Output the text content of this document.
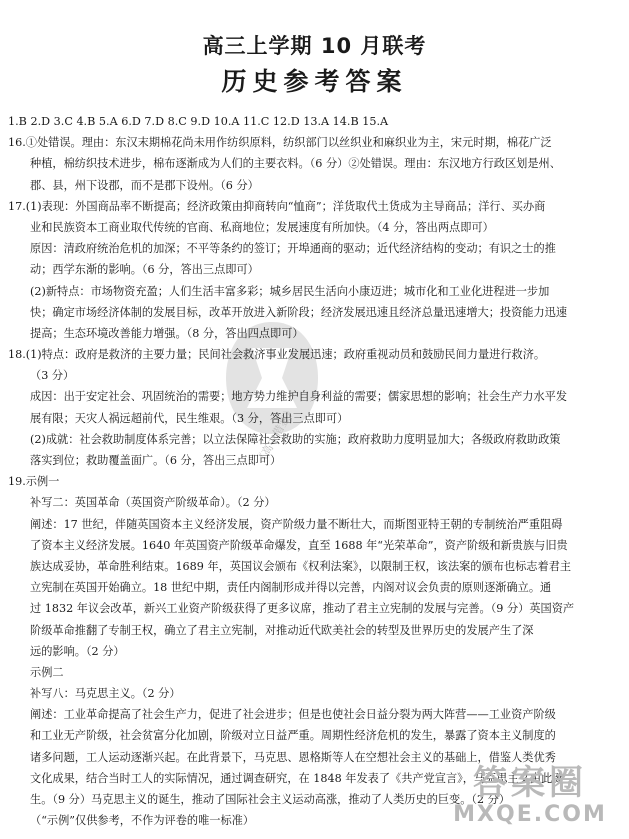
高三上学期 10 月联考
历史参考答案
《高中借鉴》
1.B 2.D 3.C 4.B 5.A 6.D 7.D 8.C 9.D 10.A 11.C 12.D 13.A 14.B 15.A
16.①处错误。理由：东汉末期棉花尚未用作纺织原料，纺织部门以丝织业和麻织业为主，宋元时期，棉花广泛
种植，棉纺织技术进步，棉布逐渐成为人们的主要衣料。（6 分）②处错误。理由：东汉地方行政区划是州、
郡、县，州下设郡，而不是郡下设州。（6 分）
17.(1)表现：外国商品率不断提高；经济政策由抑商转向“恤商”；洋货取代土货成为主导商品；洋行、买办商
业和民族资本工商业取代传统的官商、私商地位；发展速度有所加快。（4 分，答出两点即可）
原因：清政府统治危机的加深；不平等条约的签订；开埠通商的驱动；近代经济结构的变动；有识之士的推
动；西学东渐的影响。（6 分，答出三点即可）
(2)新特点：市场物资充盈；人们生活丰富多彩；城乡居民生活向小康迈进；城市化和工业化进程进一步加
快；确定市场经济体制的发展目标，改革开放进入新阶段；经济发展迅速且经济总量迅速增大；投资能力迅速
提高；生态环境改善能力增强。（8 分，答出四点即可）
18.(1)特点：政府是救济的主要力量；民间社会救济事业发展迅速；政府重视动员和鼓励民间力量进行救济。
（3 分）
成因：出于安定社会、巩固统治的需要；地方势力维护自身利益的需要；儒家思想的影响；社会生产力水平发
展有限；天灾人祸远超前代，民生维艰。（3 分，答出三点即可）
(2)成就：社会救助制度体系完善；以立法保障社会救助的实施；政府救助力度明显加大；各级政府救助政策
落实到位；救助覆盖面广。（6 分，答出三点即可）
19.示例一
补写二：英国革命（英国资产阶级革命）。（2 分）
阐述：17 世纪，伴随英国资本主义经济发展，资产阶级力量不断壮大，而斯图亚特王朝的专制统治严重阻碍
了资本主义经济发展。1640 年英国资产阶级革命爆发，直至 1688 年“光荣革命”，资产阶级和新贵族与旧贵
族达成妥协，革命胜利结束。1689 年，英国议会颁布《权利法案》，以限制王权，该法案的颁布也标志着君主
立宪制在英国开始确立。18 世纪中期，责任内阁制形成并得以完善，内阁对议会负责的原则逐渐确立。通
过 1832 年议会改革，新兴工业资产阶级获得了更多议席，推动了君主立宪制的发展与完善。（9 分）英国资产
阶级革命推翻了专制王权，确立了君主立宪制，对推动近代欧美社会的转型及世界历史的发展产生了深
远的影响。（2 分）
示例二
补写八：马克思主义。（2 分）
阐述：工业革命提高了社会生产力，促进了社会进步；但是也使社会日益分裂为两大阵营——工业资产阶级
和工业无产阶级，社会贫富分化加剧，阶级对立日益严重。周期性经济危机的发生，暴露了资本主义制度的
诸多问题，工人运动逐渐兴起。在此背景下，马克思、恩格斯等人在空想社会主义的基础上，借鉴人类优秀
文化成果，结合当时工人的实际情况，通过调查研究，在 1848 年发表了《共产党宣言》，马克思主义由此诞
生。（9 分）马克思主义的诞生，推动了国际社会主义运动高涨，推动了人类历史的巨变。（2 分）
（“示例”仅供参考，不作为评卷的唯一标准）
答案圈
MXQE.COM
